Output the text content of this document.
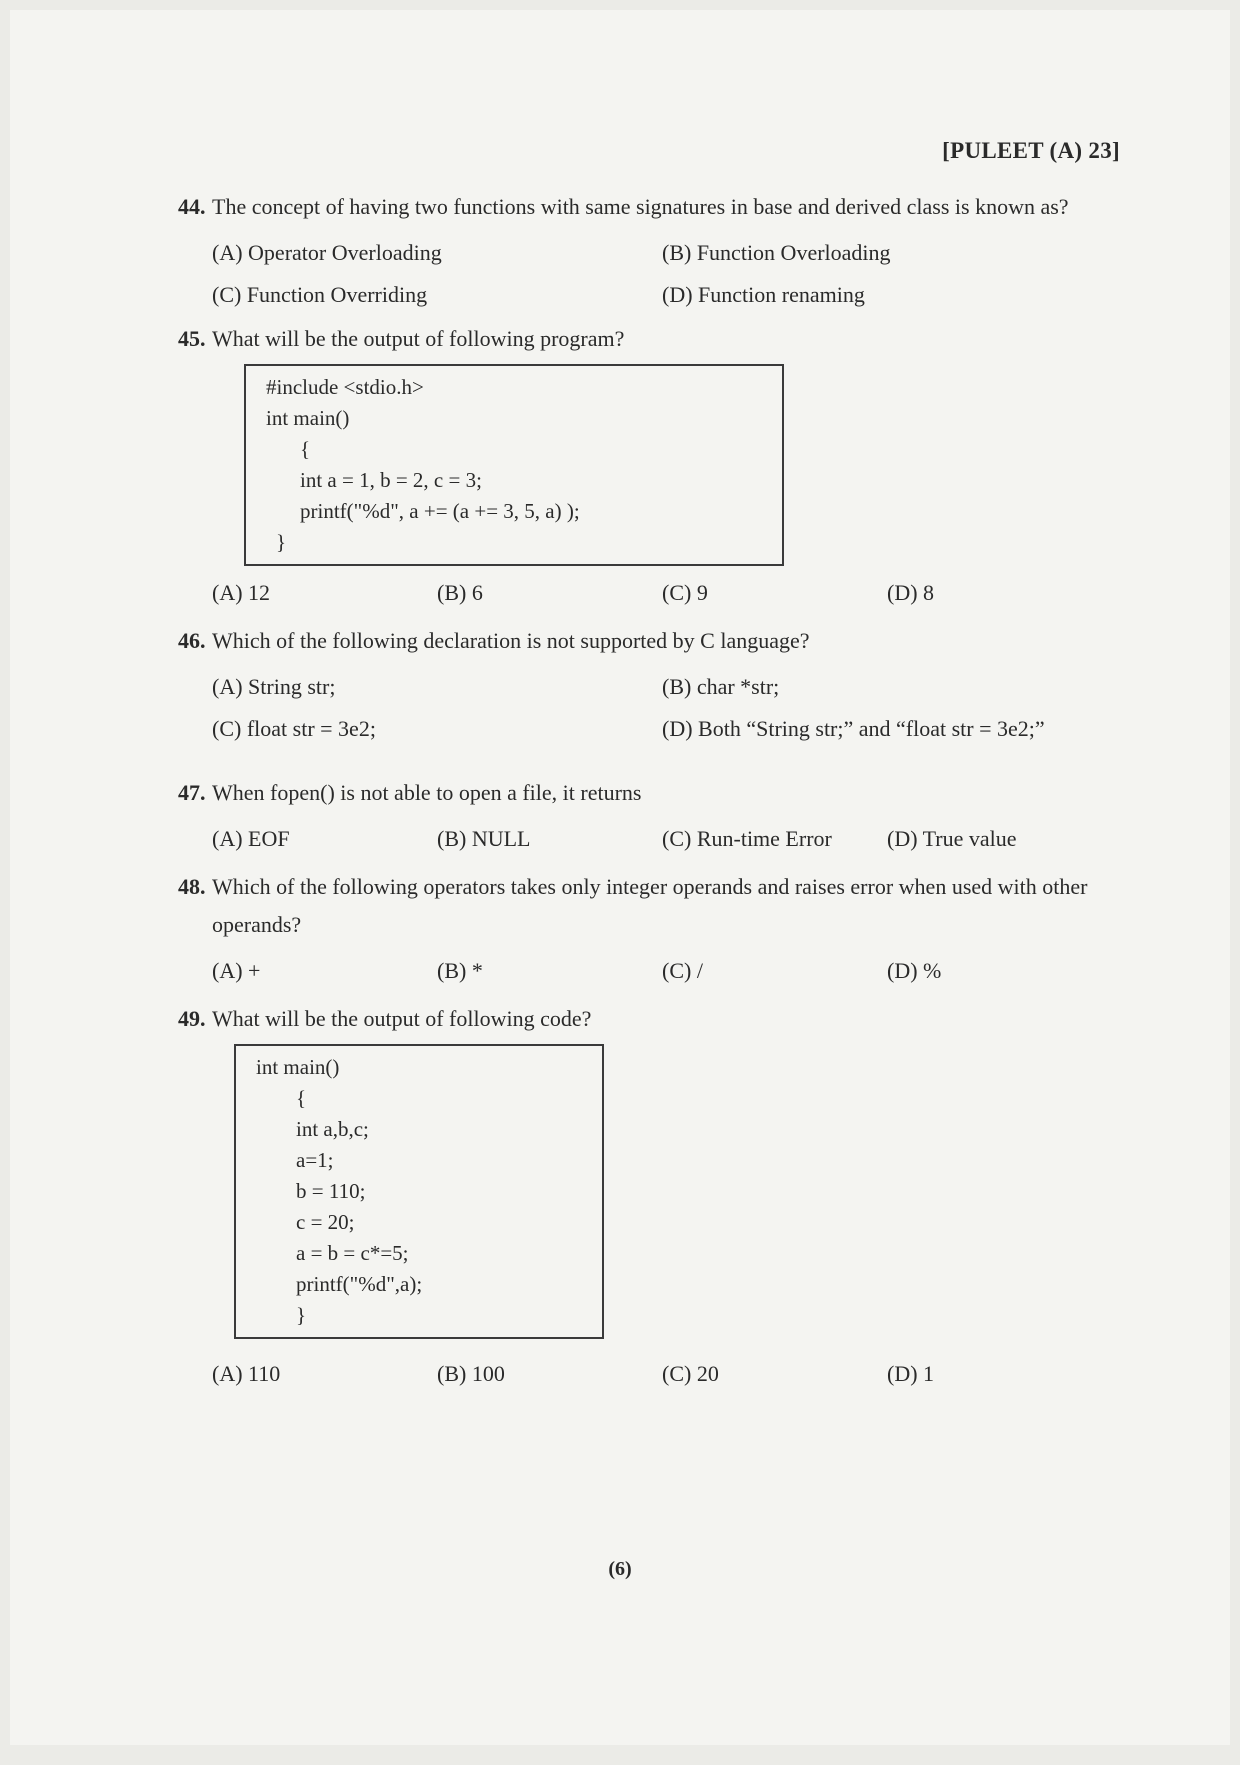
[PULEET (A) 23]
44. The concept of having two functions with same signatures in base and derived class is known as?
(A) Operator Overloading	(B) Function Overloading
(C) Function Overriding	(D) Function renaming
45. What will be the output of following program?
#include <stdio.h>
int main()
{
int a = 1, b = 2, c = 3;
printf("%d", a += (a += 3, 5, a) );
}
(A) 12	(B) 6	(C) 9	(D) 8
46. Which of the following declaration is not supported by C language?
(A) String str;	(B) char *str;
(C) float str = 3e2;	(D) Both “String str;” and “float str = 3e2;”
47. When fopen() is not able to open a file, it returns
(A) EOF	(B) NULL	(C) Run-time Error	(D) True value
48. Which of the following operators takes only integer operands and raises error when used with other operands?
(A) +	(B) *	(C) /	(D) %
49. What will be the output of following code?
int main()
{
int a,b,c;
a=1;
b = 110;
c = 20;
a = b = c*=5;
printf("%d",a);
}
(A) 110	(B) 100	(C) 20	(D) 1
(6)
